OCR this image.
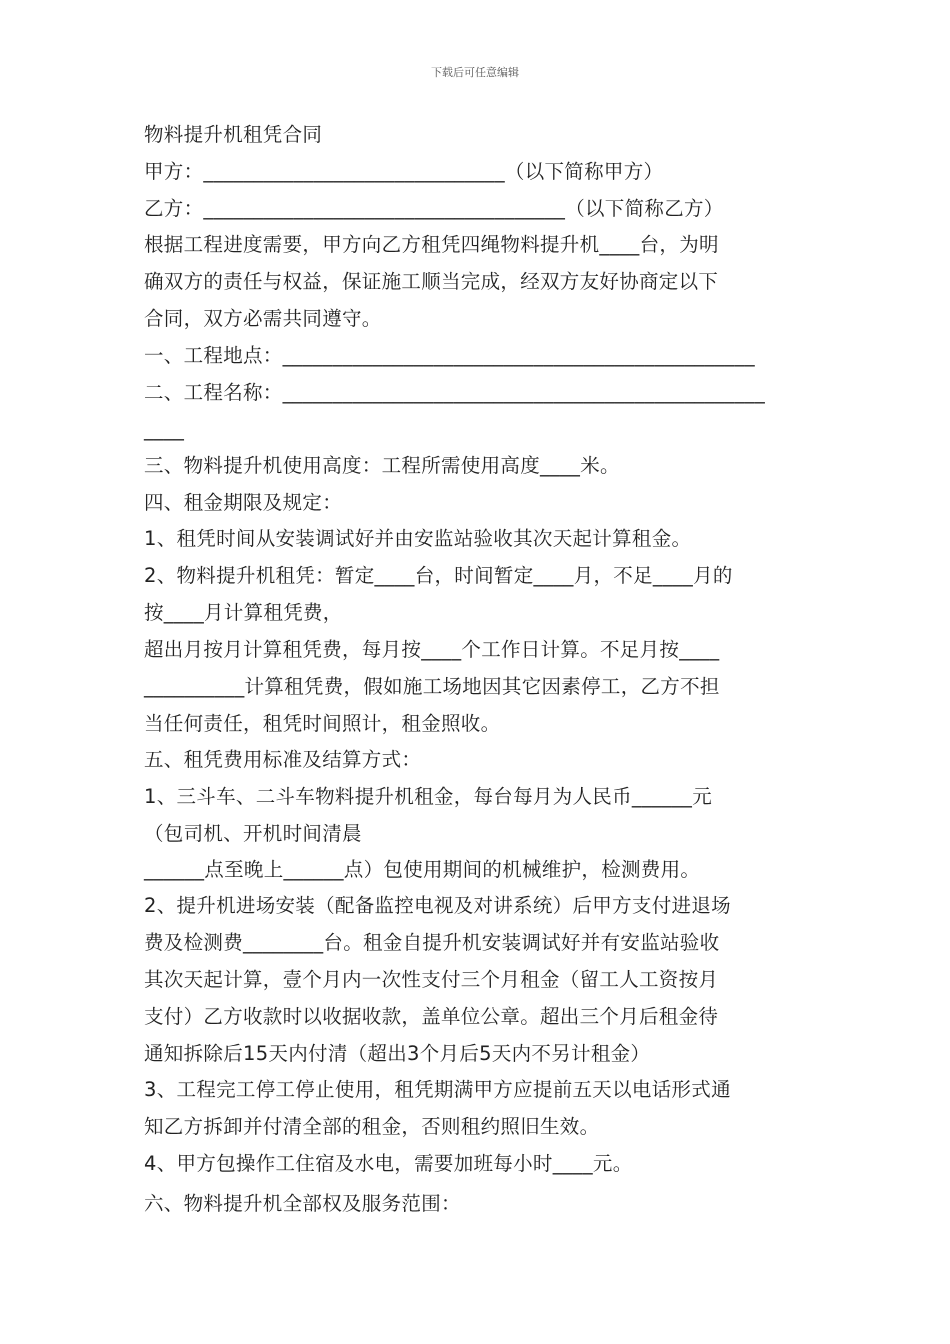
下载后可任意编辑
物料提升机租凭合同
甲方：______________________________（以下简称甲方）
乙方：____________________________________（以下简称乙方）
根据工程进度需要，甲方向乙方租凭四绳物料提升机____台，为明
确双方的责任与权益，保证施工顺当完成，经双方友好协商定以下
合同，双方必需共同遵守。
一、工程地点：_______________________________________________
二、工程名称：________________________________________________
____
三、物料提升机使用高度：工程所需使用高度____米。
四、租金期限及规定：
1、租凭时间从安装调试好并由安监站验收其次天起计算租金。
2、物料提升机租凭：暂定____台，时间暂定____月，不足____月的
按____月计算租凭费，
超出月按月计算租凭费，每月按____个工作日计算。不足月按____
__________计算租凭费，假如施工场地因其它因素停工，乙方不担
当任何责任，租凭时间照计，租金照收。
五、租凭费用标准及结算方式：
1、三斗车、二斗车物料提升机租金，每台每月为人民币______元
（包司机、开机时间清晨
______点至晚上______点）包使用期间的机械维护，检测费用。
2、提升机进场安装（配备监控电视及对讲系统）后甲方支付进退场
费及检测费________台。租金自提升机安装调试好并有安监站验收
其次天起计算，壹个月内一次性支付三个月租金（留工人工资按月
支付）乙方收款时以收据收款，盖单位公章。超出三个月后租金待
通知拆除后15天内付清（超出3个月后5天内不另计租金）
3、工程完工停工停止使用，租凭期满甲方应提前五天以电话形式通
知乙方拆卸并付清全部的租金，否则租约照旧生效。
4、甲方包操作工住宿及水电，需要加班每小时____元。
六、物料提升机全部权及服务范围：
